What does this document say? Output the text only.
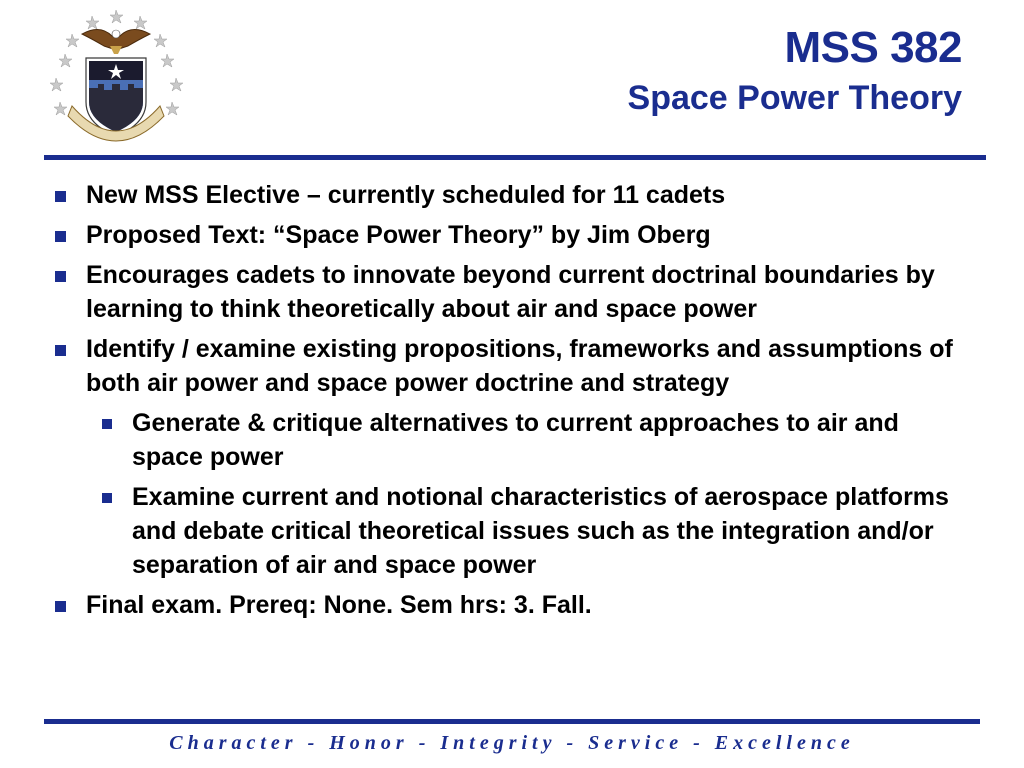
MSS 382
Space Power Theory
New MSS Elective – currently scheduled for 11 cadets
Proposed Text: “Space Power Theory” by Jim Oberg
Encourages cadets to innovate beyond current doctrinal boundaries by learning to think theoretically about air and space power
Identify / examine existing propositions, frameworks and assumptions of both air power and space power doctrine and strategy
Generate & critique alternatives to current approaches to air and space power
Examine current and notional characteristics of aerospace platforms and debate critical theoretical issues such as the integration and/or separation of air and space power
Final exam. Prereq: None. Sem hrs: 3. Fall.
Character - Honor - Integrity - Service - Excellence
